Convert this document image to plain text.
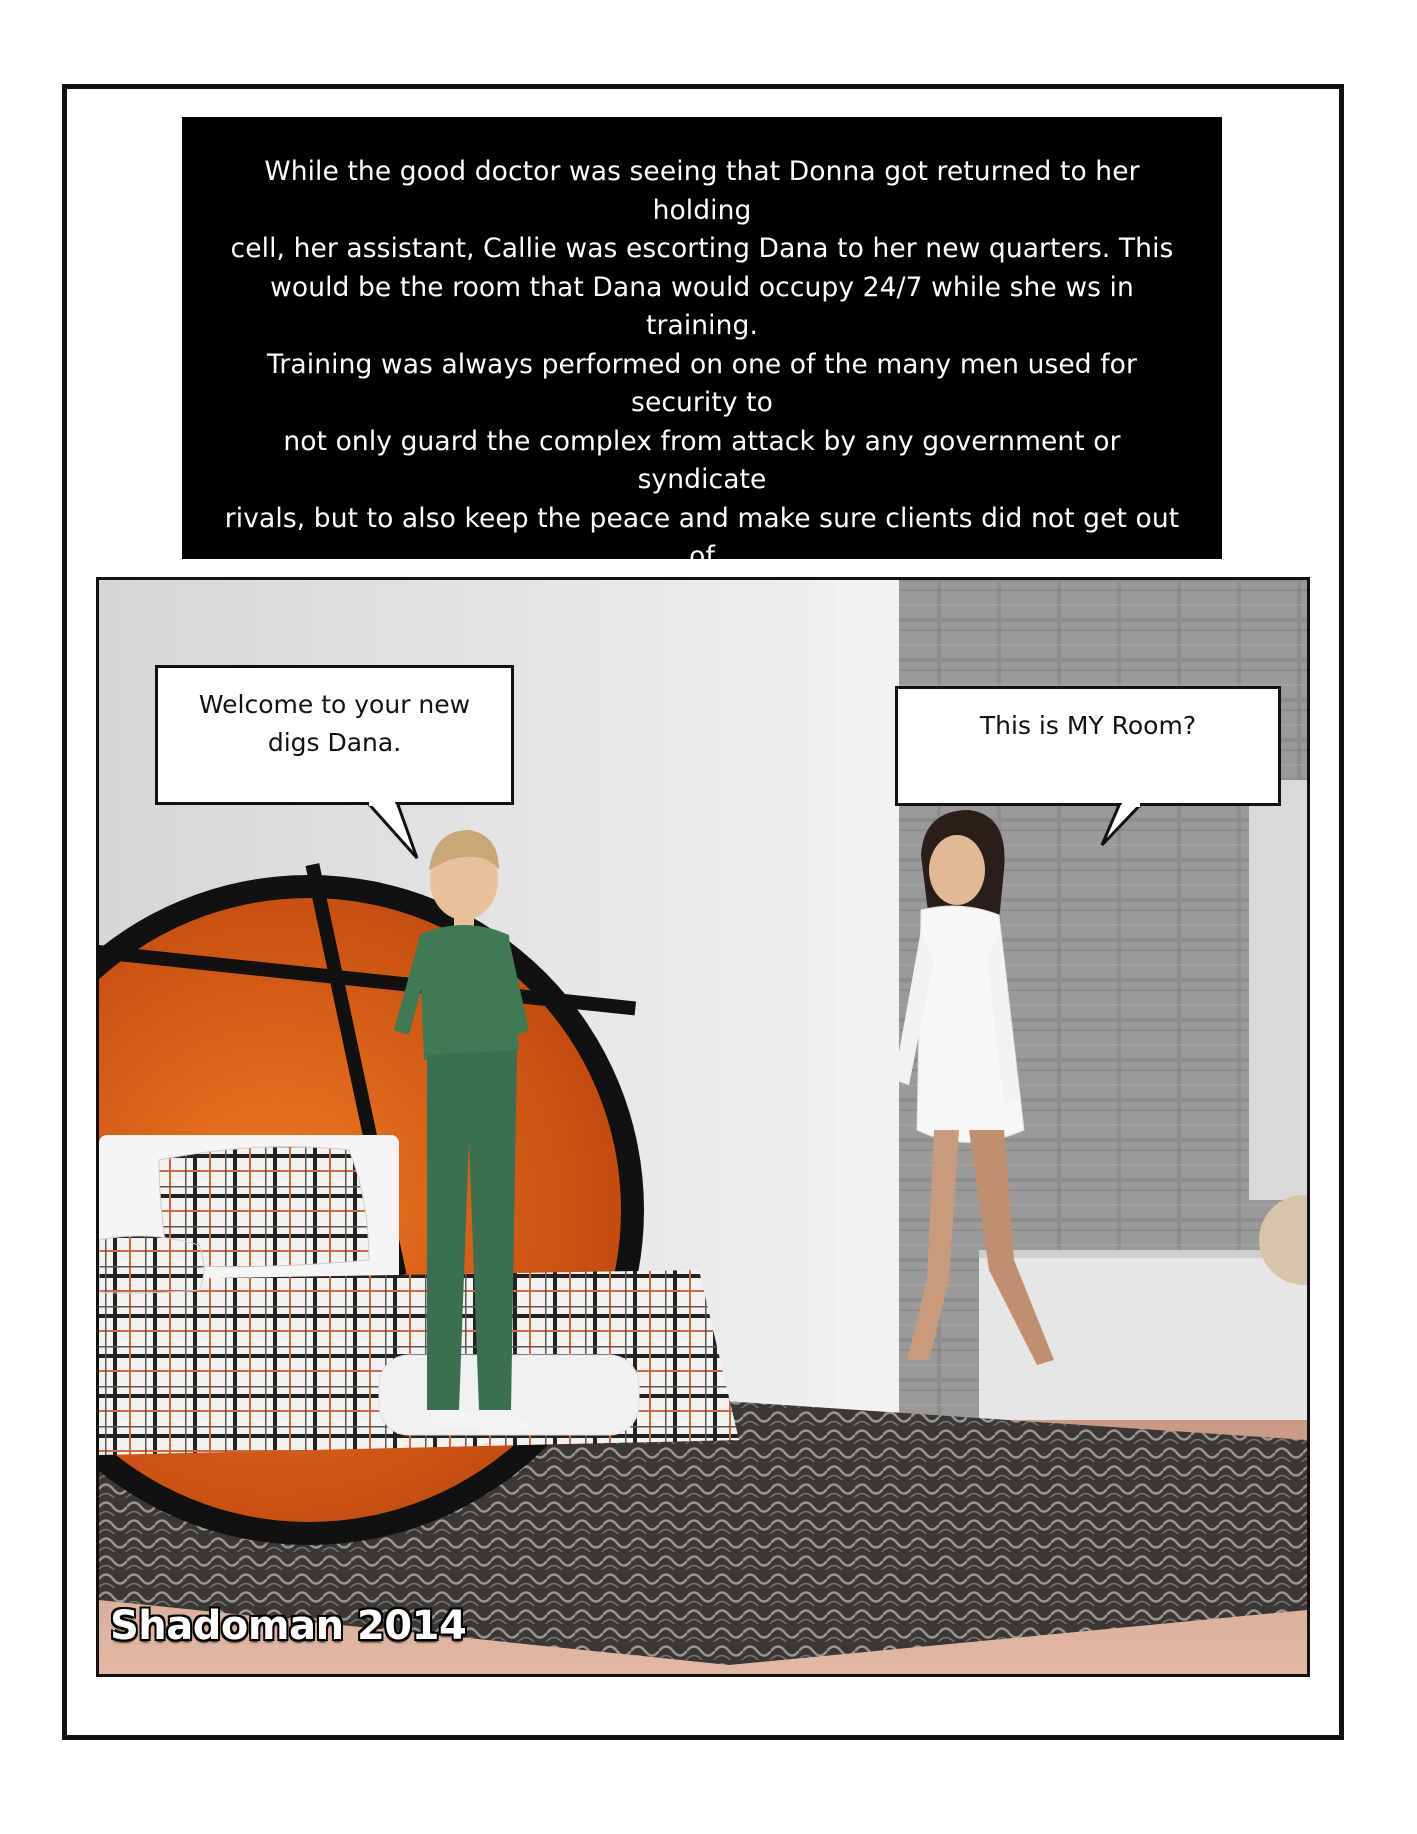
While the good doctor was seeing that Donna got returned to her holding

cell, her assistant, Callie was escorting Dana to her new quarters. This

would be the room that Dana would occupy 24/7 while she ws in training.

Training was always performed on one of the many men used for security to

not only guard the complex from attack by any government or syndicate

rivals, but to also keep the peace and make sure clients did not get out of

Welcome to your new
digs Dana.
This is MY Room?
Shadoman 2014
